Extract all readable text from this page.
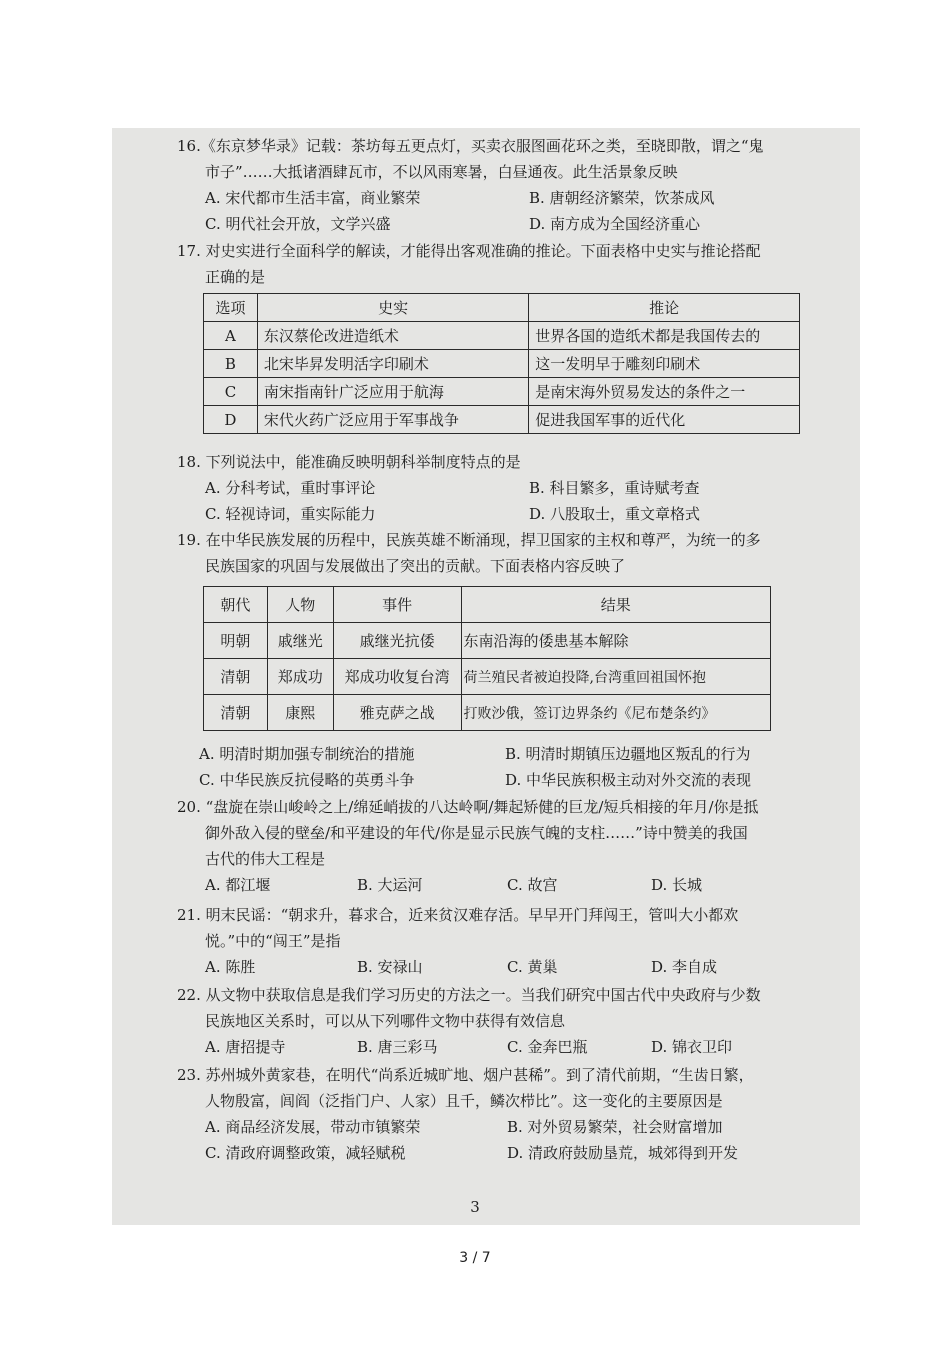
16.《东京梦华录》记载：茶坊每五更点灯，买卖衣服图画花环之类，至晓即散，谓之“鬼

市子”……大抵诸酒肆瓦市，不以风雨寒暑，白昼通夜。此生活景象反映

A. 宋代都市生活丰富，商业繁荣	B. 唐朝经济繁荣，饮茶成风
C. 明代社会开放，文学兴盛	D. 南方成为全国经济重心

17. 对史实进行全面科学的解读，才能得出客观准确的推论。下面表格中史实与推论搭配

正确的是

选项	史实	推论
A	东汉蔡伦改进造纸术	世界各国的造纸术都是我国传去的
B	北宋毕昇发明活字印刷术	这一发明早于雕刻印刷术
C	南宋指南针广泛应用于航海	是南宋海外贸易发达的条件之一
D	宋代火药广泛应用于军事战争	促进我国军事的近代化

18. 下列说法中，能准确反映明朝科举制度特点的是

A. 分科考试，重时事评论	B. 科目繁多，重诗赋考查
C. 轻视诗词，重实际能力	D. 八股取士，重文章格式

19. 在中华民族发展的历程中，民族英雄不断涌现，捍卫国家的主权和尊严，为统一的多

民族国家的巩固与发展做出了突出的贡献。下面表格内容反映了

朝代	人物	事件	结果
明朝	戚继光	戚继光抗倭	东南沿海的倭患基本解除
清朝	郑成功	郑成功收复台湾	荷兰殖民者被迫投降,台湾重回祖国怀抱
清朝	康熙	雅克萨之战	打败沙俄，签订边界条约《尼布楚条约》
A. 明清时期加强专制统治的措施	B. 明清时期镇压边疆地区叛乱的行为
C. 中华民族反抗侵略的英勇斗争	D. 中华民族积极主动对外交流的表现

20. “盘旋在崇山峻岭之上/绵延峭拔的八达岭啊/舞起矫健的巨龙/短兵相接的年月/你是抵

御外敌入侵的壁垒/和平建设的年代/你是显示民族气魄的支柱……”诗中赞美的我国

古代的伟大工程是

A. 都江堰	B. 大运河	C. 故宫	D. 长城

21. 明末民谣：“朝求升，暮求合，近来贫汉难存活。早早开门拜闯王，管叫大小都欢

悦。”中的“闯王”是指

A. 陈胜	B. 安禄山	C. 黄巢	D. 李自成

22. 从文物中获取信息是我们学习历史的方法之一。当我们研究中国古代中央政府与少数

民族地区关系时，可以从下列哪件文物中获得有效信息

A. 唐招提寺	B. 唐三彩马	C. 金奔巴瓶	D. 锦衣卫印

23. 苏州城外黄家巷，在明代“尚系近城旷地、烟户甚稀”。到了清代前期，“生齿日繁，

人物殷富，闾阎（泛指门户、人家）且千，鳞次栉比”。这一变化的主要原因是

A. 商品经济发展，带动市镇繁荣	B. 对外贸易繁荣，社会财富增加
C. 清政府调整政策，减轻赋税	D. 清政府鼓励垦荒，城郊得到开发
3
3 / 7
